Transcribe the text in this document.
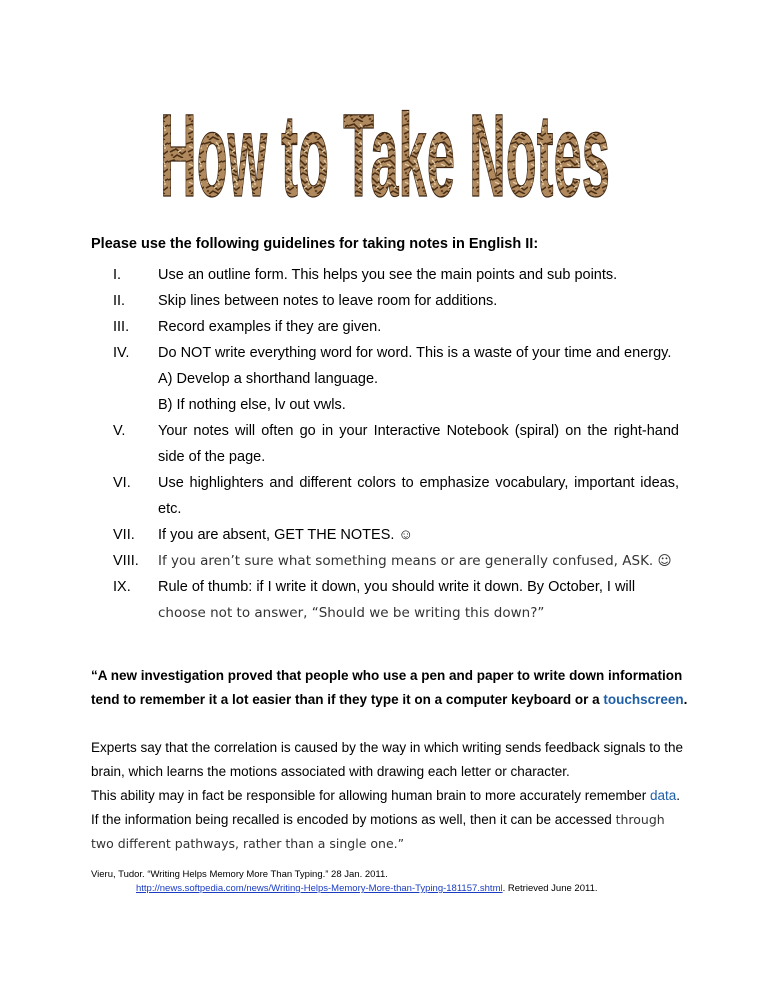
How to Take Notes
Please use the following guidelines for taking notes in English II:
I.	Use an outline form. This helps you see the main points and sub points.
II. Skip lines between notes to leave room for additions.
III. Record examples if they are given.
IV. Do NOT write everything word for word. This is a waste of your time and energy.
A) Develop a shorthand language.
B) If nothing else, lv out vwls.
V. Your notes will often go in your Interactive Notebook (spiral) on the right-hand side of the page.
VI. Use highlighters and different colors to emphasize vocabulary, important ideas, etc.
VII. If you are absent, GET THE NOTES. ☺
VIII. If you aren’t sure what something means or are generally confused, ASK. ☺
IX. Rule of thumb: if I write it down, you should write it down. By October, I will
choose not to answer, “Should we be writing this down?”
“A new investigation proved that people who use a pen and paper to write down information tend to remember it a lot easier than if they type it on a computer keyboard or a touchscreen.
Experts say that the correlation is caused by the way in which writing sends feedback signals to the brain, which learns the motions associated with drawing each letter or character.
This ability may in fact be responsible for allowing human brain to more accurately remember data. If the information being recalled is encoded by motions as well, then it can be accessed through two different pathways, rather than a single one.”
Vieru, Tudor. “Writing Helps Memory More Than Typing.” 28 Jan. 2011.
http://news.softpedia.com/news/Writing-Helps-Memory-More-than-Typing-181157.shtml. Retrieved June 2011.
